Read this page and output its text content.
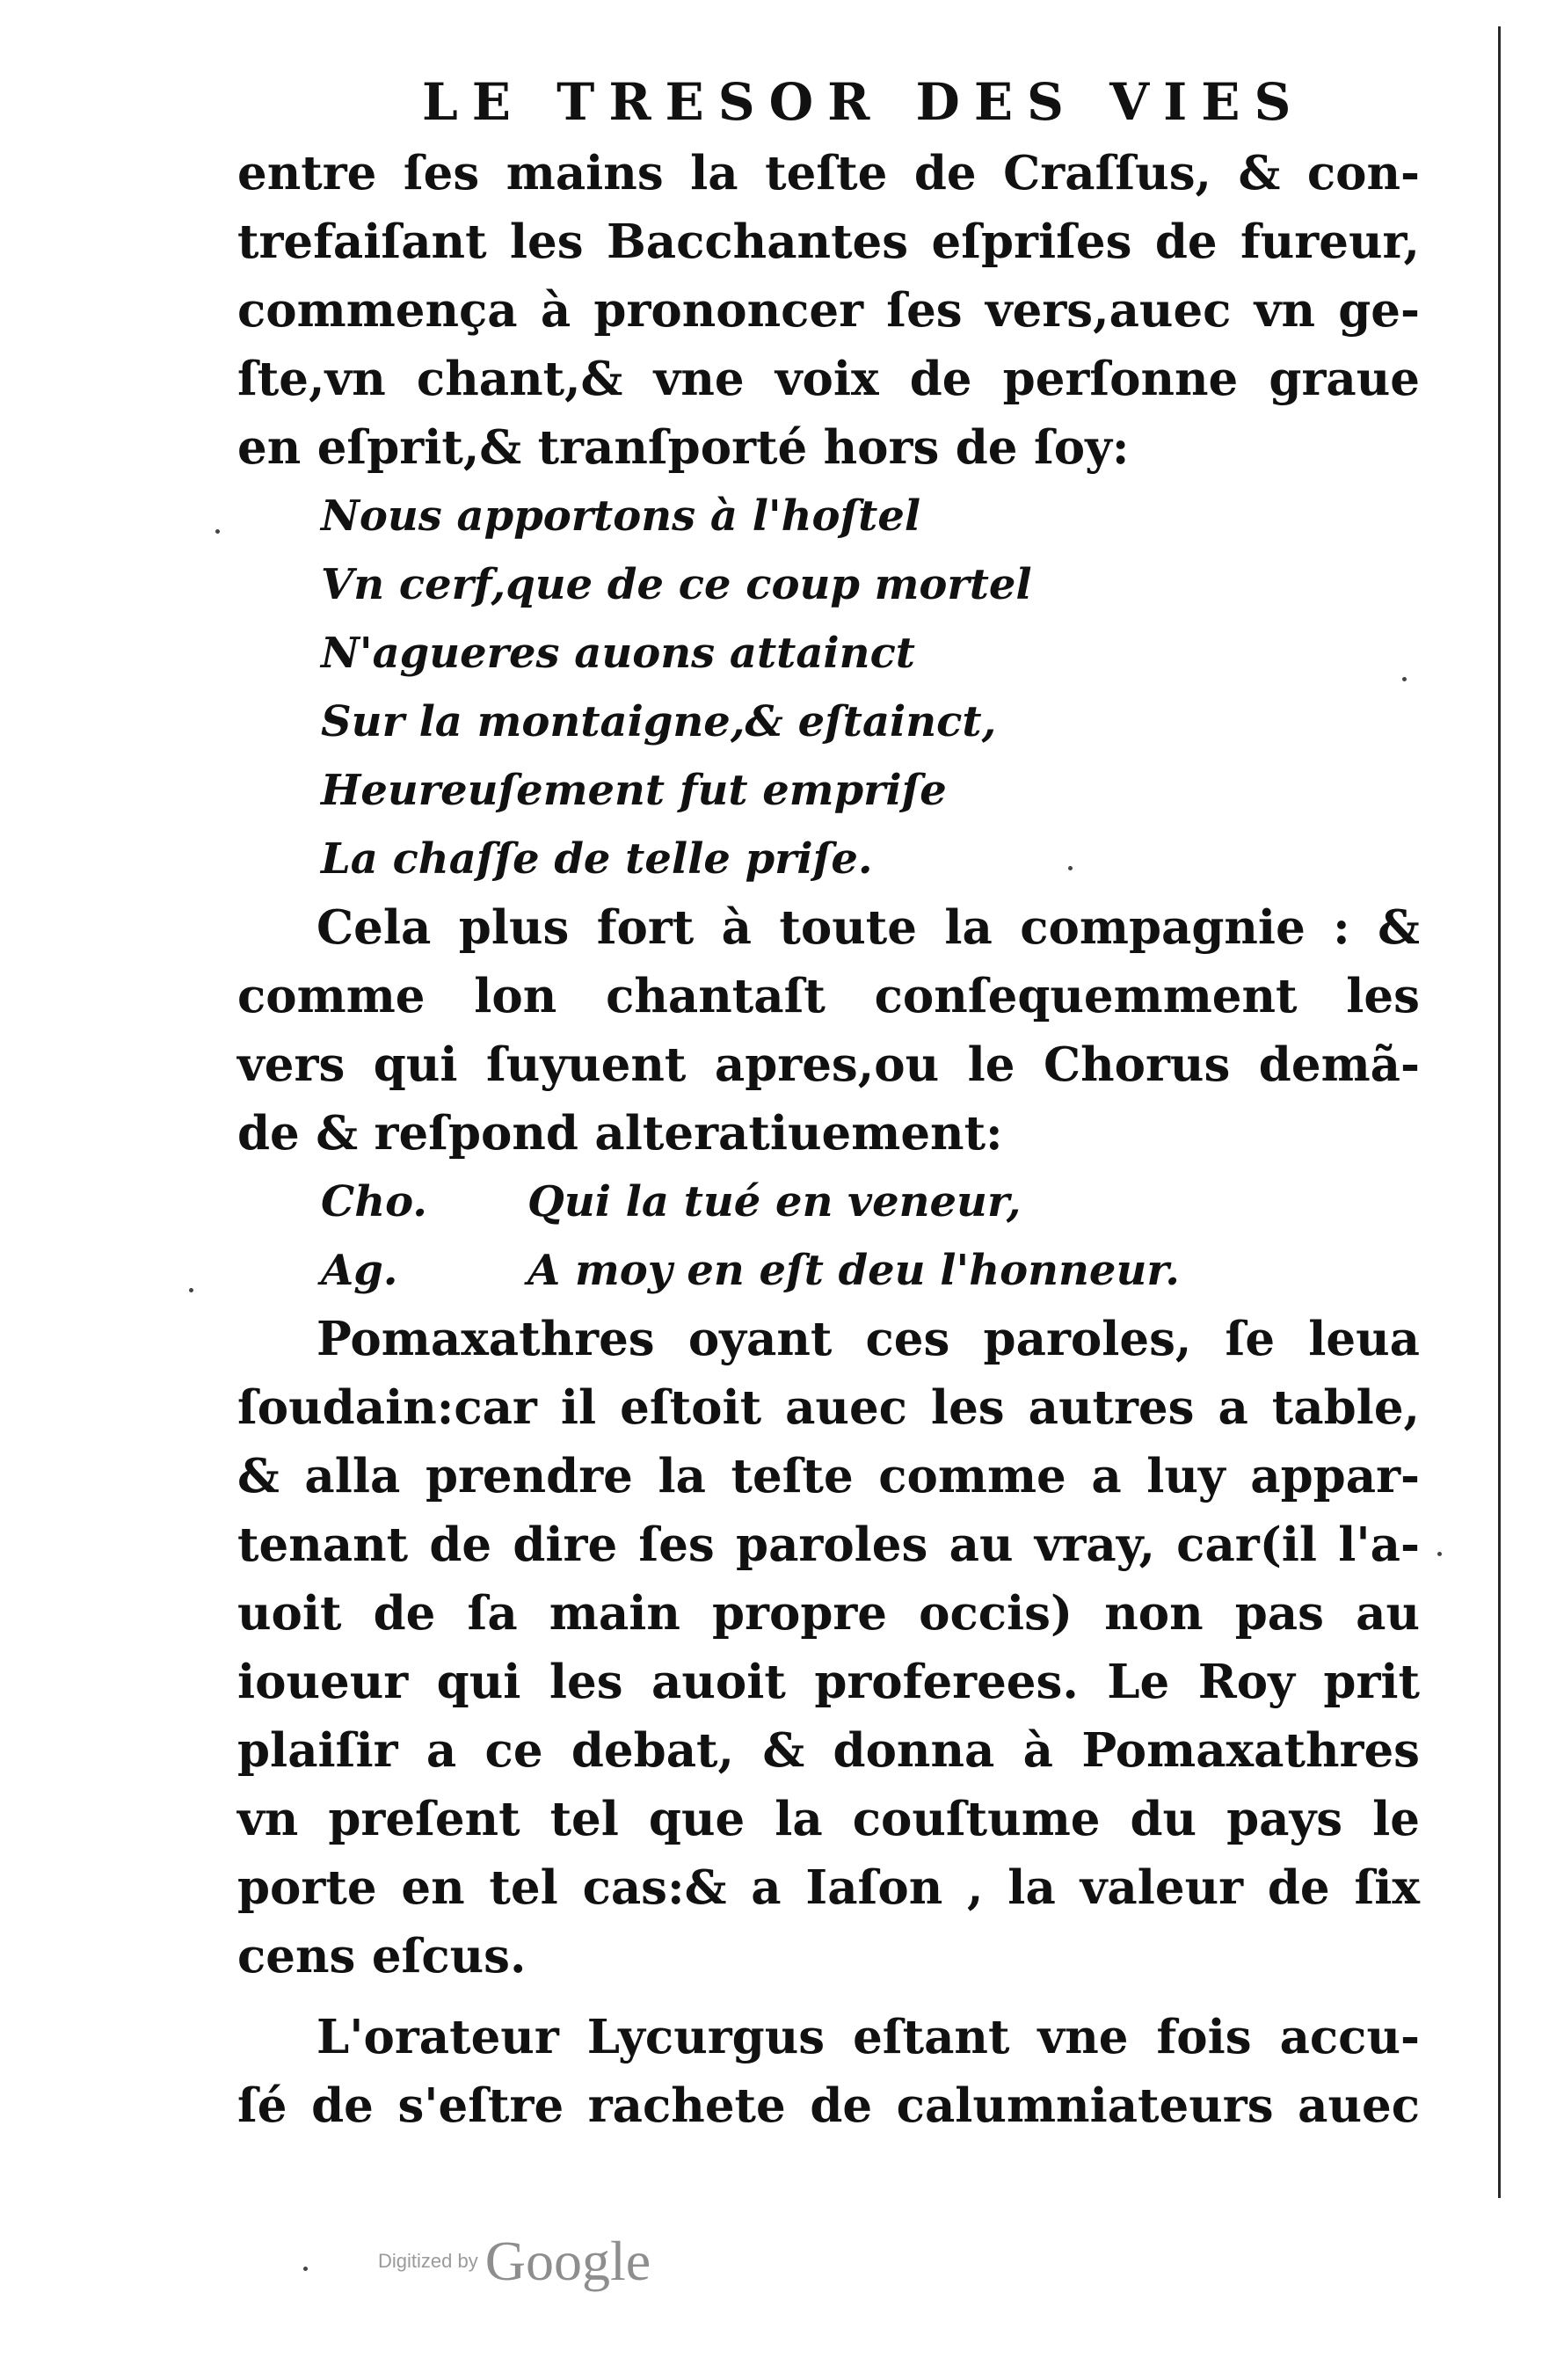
LE TRESOR DES VIES
entre ſes mains la teſte de Craſſus, & con-
trefaiſant les Bacchantes eſpriſes de fureur,
commença à prononcer ſes vers,auec vn ge-
ſte,vn chant,& vne voix de perſonne graue
en eſprit,& tranſporté hors de ſoy:
Nous apportons à l'hoſtel
Vn cerf,que de ce coup mortel
N'agueres auons attainct
Sur la montaigne,& eſtainct,
Heureuſement fut empriſe
La chaſſe de telle priſe.
Cela plus fort à toute la compagnie : &
comme lon chantaſt conſequemment les
vers qui ſuyuent apres,ou le Chorus demã-
de & reſpond alteratiuement:
Cho. Qui la tué en veneur,
Ag.	A moy en eſt deu l'honneur.
Pomaxathres oyant ces paroles, ſe leua
ſoudain:car il eſtoit auec les autres a table,
& alla prendre la teſte comme a luy appar-
tenant de dire ſes paroles au vray, car(il l'a-
uoit de ſa main propre occis) non pas au
ioueur qui les auoit proferees. Le Roy prit
plaiſir a ce debat, & donna à Pomaxathres
vn preſent tel que la couſtume du pays le
porte en tel cas:& a Iaſon , la valeur de ſix
cens eſcus.
L'orateur Lycurgus eſtant vne fois accu-
ſé de s'eſtre rachete de calumniateurs auec
Digitized by Google
